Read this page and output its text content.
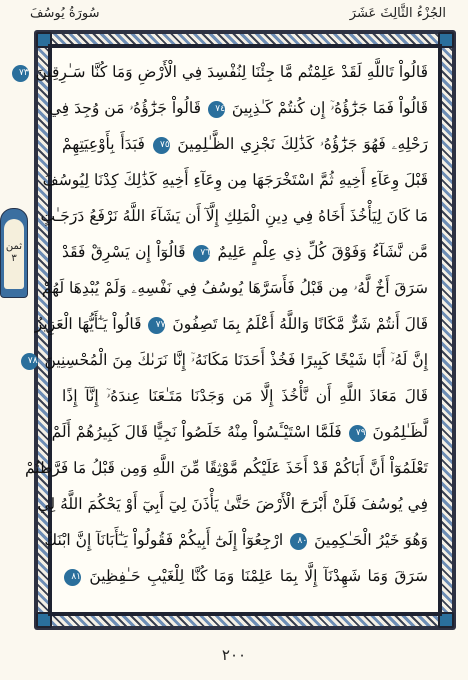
الجُزْءُ الثَّالِثَ عَشَرَ
سُورَةُ يُوسُفَ
ثمن
٣
قَالُواْ تَاللَّهِ لَقَدْ عَلِمْتُم مَّا جِئْنَا لِنُفْسِدَ فِي الْأَرْضِ وَمَا كُنَّا سَـٰرِقِينَ ٧٣
قَالُواْ فَمَا جَزَٰٓؤُهُۥٓ إِن كُنتُمْ كَـٰذِبِينَ ٧٤ قَالُواْ جَزَٰٓؤُهُۥ مَن وُجِدَ فِي
رَحْلِهِۦ فَهُوَ جَزَٰٓؤُهُۥ كَذَٰلِكَ نَجْزِي الظَّـٰلِمِينَ ٧٥ فَبَدَأَ بِأَوْعِيَتِهِمْ
قَبْلَ وِعَآءِ أَخِيهِ ثُمَّ اسْتَخْرَجَهَا مِن وِعَآءِ أَخِيهِ كَذَٰلِكَ كِدْنَا لِيُوسُفَ
مَا كَانَ لِيَأْخُذَ أَخَاهُ فِي دِينِ الْمَلِكِ إِلَّآ أَن يَشَآءَ اللَّهُ نَرْفَعُ دَرَجَـٰتٍ
مَّن نَّشَآءُ وَفَوْقَ كُلِّ ذِي عِلْمٍ عَلِيمٌ ٧٦ قَالُوٓاْ إِن يَسْرِقْ فَقَدْ
سَرَقَ أَخٌ لَّهُۥ مِن قَبْلُ فَأَسَرَّهَا يُوسُفُ فِي نَفْسِهِۦ وَلَمْ يُبْدِهَا لَهُمْ
قَالَ أَنتُمْ شَرٌّ مَّكَانًا وَاللَّهُ أَعْلَمُ بِمَا تَصِفُونَ ٧٧ قَالُواْ يَـٰٓأَيُّهَا الْعَزِيزُ
إِنَّ لَهُۥٓ أَبًا شَيْخًا كَبِيرًا فَخُذْ أَحَدَنَا مَكَانَهُۥٓ إِنَّا نَرَىٰكَ مِنَ الْمُحْسِنِينَ ٧٨
قَالَ مَعَاذَ اللَّهِ أَن نَّأْخُذَ إِلَّا مَن وَجَدْنَا مَتَـٰعَنَا عِندَهُۥٓ إِنَّآ إِذًا
لَّظَـٰلِمُونَ ٧٩ فَلَمَّا اسْتَيْـَٔسُواْ مِنْهُ خَلَصُواْ نَجِيًّا قَالَ كَبِيرُهُمْ أَلَمْ
تَعْلَمُوٓاْ أَنَّ أَبَاكُمْ قَدْ أَخَذَ عَلَيْكُم مَّوْثِقًا مِّنَ اللَّهِ وَمِن قَبْلُ مَا فَرَّطتُمْ
فِي يُوسُفَ فَلَنْ أَبْرَحَ الْأَرْضَ حَتَّىٰ يَأْذَنَ لِيٓ أَبِيٓ أَوْ يَحْكُمَ اللَّهُ لِي
وَهُوَ خَيْرُ الْحَـٰكِمِينَ ٨٠ ارْجِعُوٓاْ إِلَىٰٓ أَبِيكُمْ فَقُولُواْ يَـٰٓأَبَانَآ إِنَّ ابْنَكَ
سَرَقَ وَمَا شَهِدْنَآ إِلَّا بِمَا عَلِمْنَا وَمَا كُنَّا لِلْغَيْبِ حَـٰفِظِينَ ٨١
٢٠٠
